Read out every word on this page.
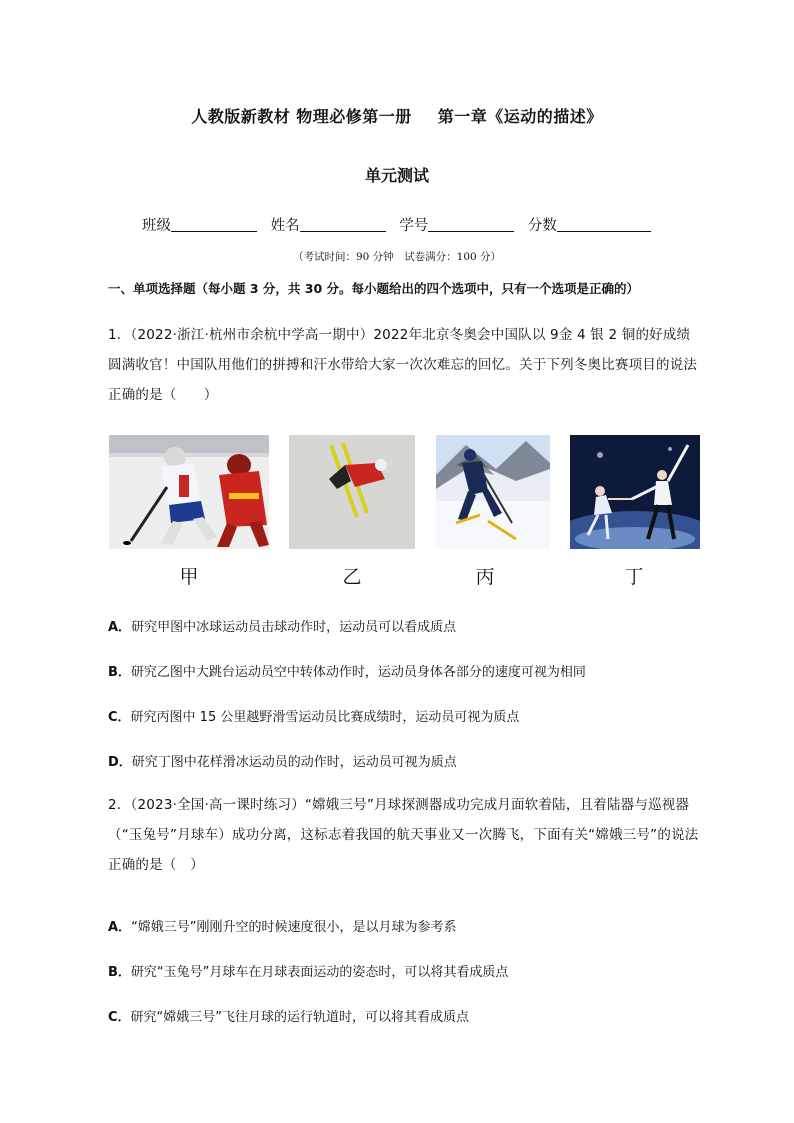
人教版新教材 物理必修第一册 第一章《运动的描述》
单元测试
班级	姓名	学号	分数
（考试时间：90 分钟　试卷满分：100 分）
一、单项选择题（每小题 3 分，共 30 分。每小题给出的四个选项中，只有一个选项是正确的）
1．（2022·浙江·杭州市余杭中学高一期中）2022年北京冬奥会中国队以 9金 4 银 2 铜的好成绩圆满收官！中国队用他们的拼搏和汗水带给大家一次次难忘的回忆。关于下列冬奥比赛项目的说法正确的是（　　）
甲	乙	丙	丁
A．研究甲图中冰球运动员击球动作时，运动员可以看成质点
B．研究乙图中大跳台运动员空中转体动作时，运动员身体各部分的速度可视为相同
C．研究丙图中 15 公里越野滑雪运动员比赛成绩时，运动员可视为质点
D．研究丁图中花样滑冰运动员的动作时，运动员可视为质点
2．（2023·全国·高一课时练习）“嫦娥三号”月球探测器成功完成月面软着陆，且着陆器与巡视器（“玉兔号”月球车）成功分离，这标志着我国的航天事业又一次腾飞，下面有关“嫦娥三号”的说法正确的是（　）
A．“嫦娥三号”刚刚升空的时候速度很小，是以月球为参考系
B．研究“玉兔号”月球车在月球表面运动的姿态时，可以将其看成质点
C．研究“嫦娥三号”飞往月球的运行轨道时，可以将其看成质点
